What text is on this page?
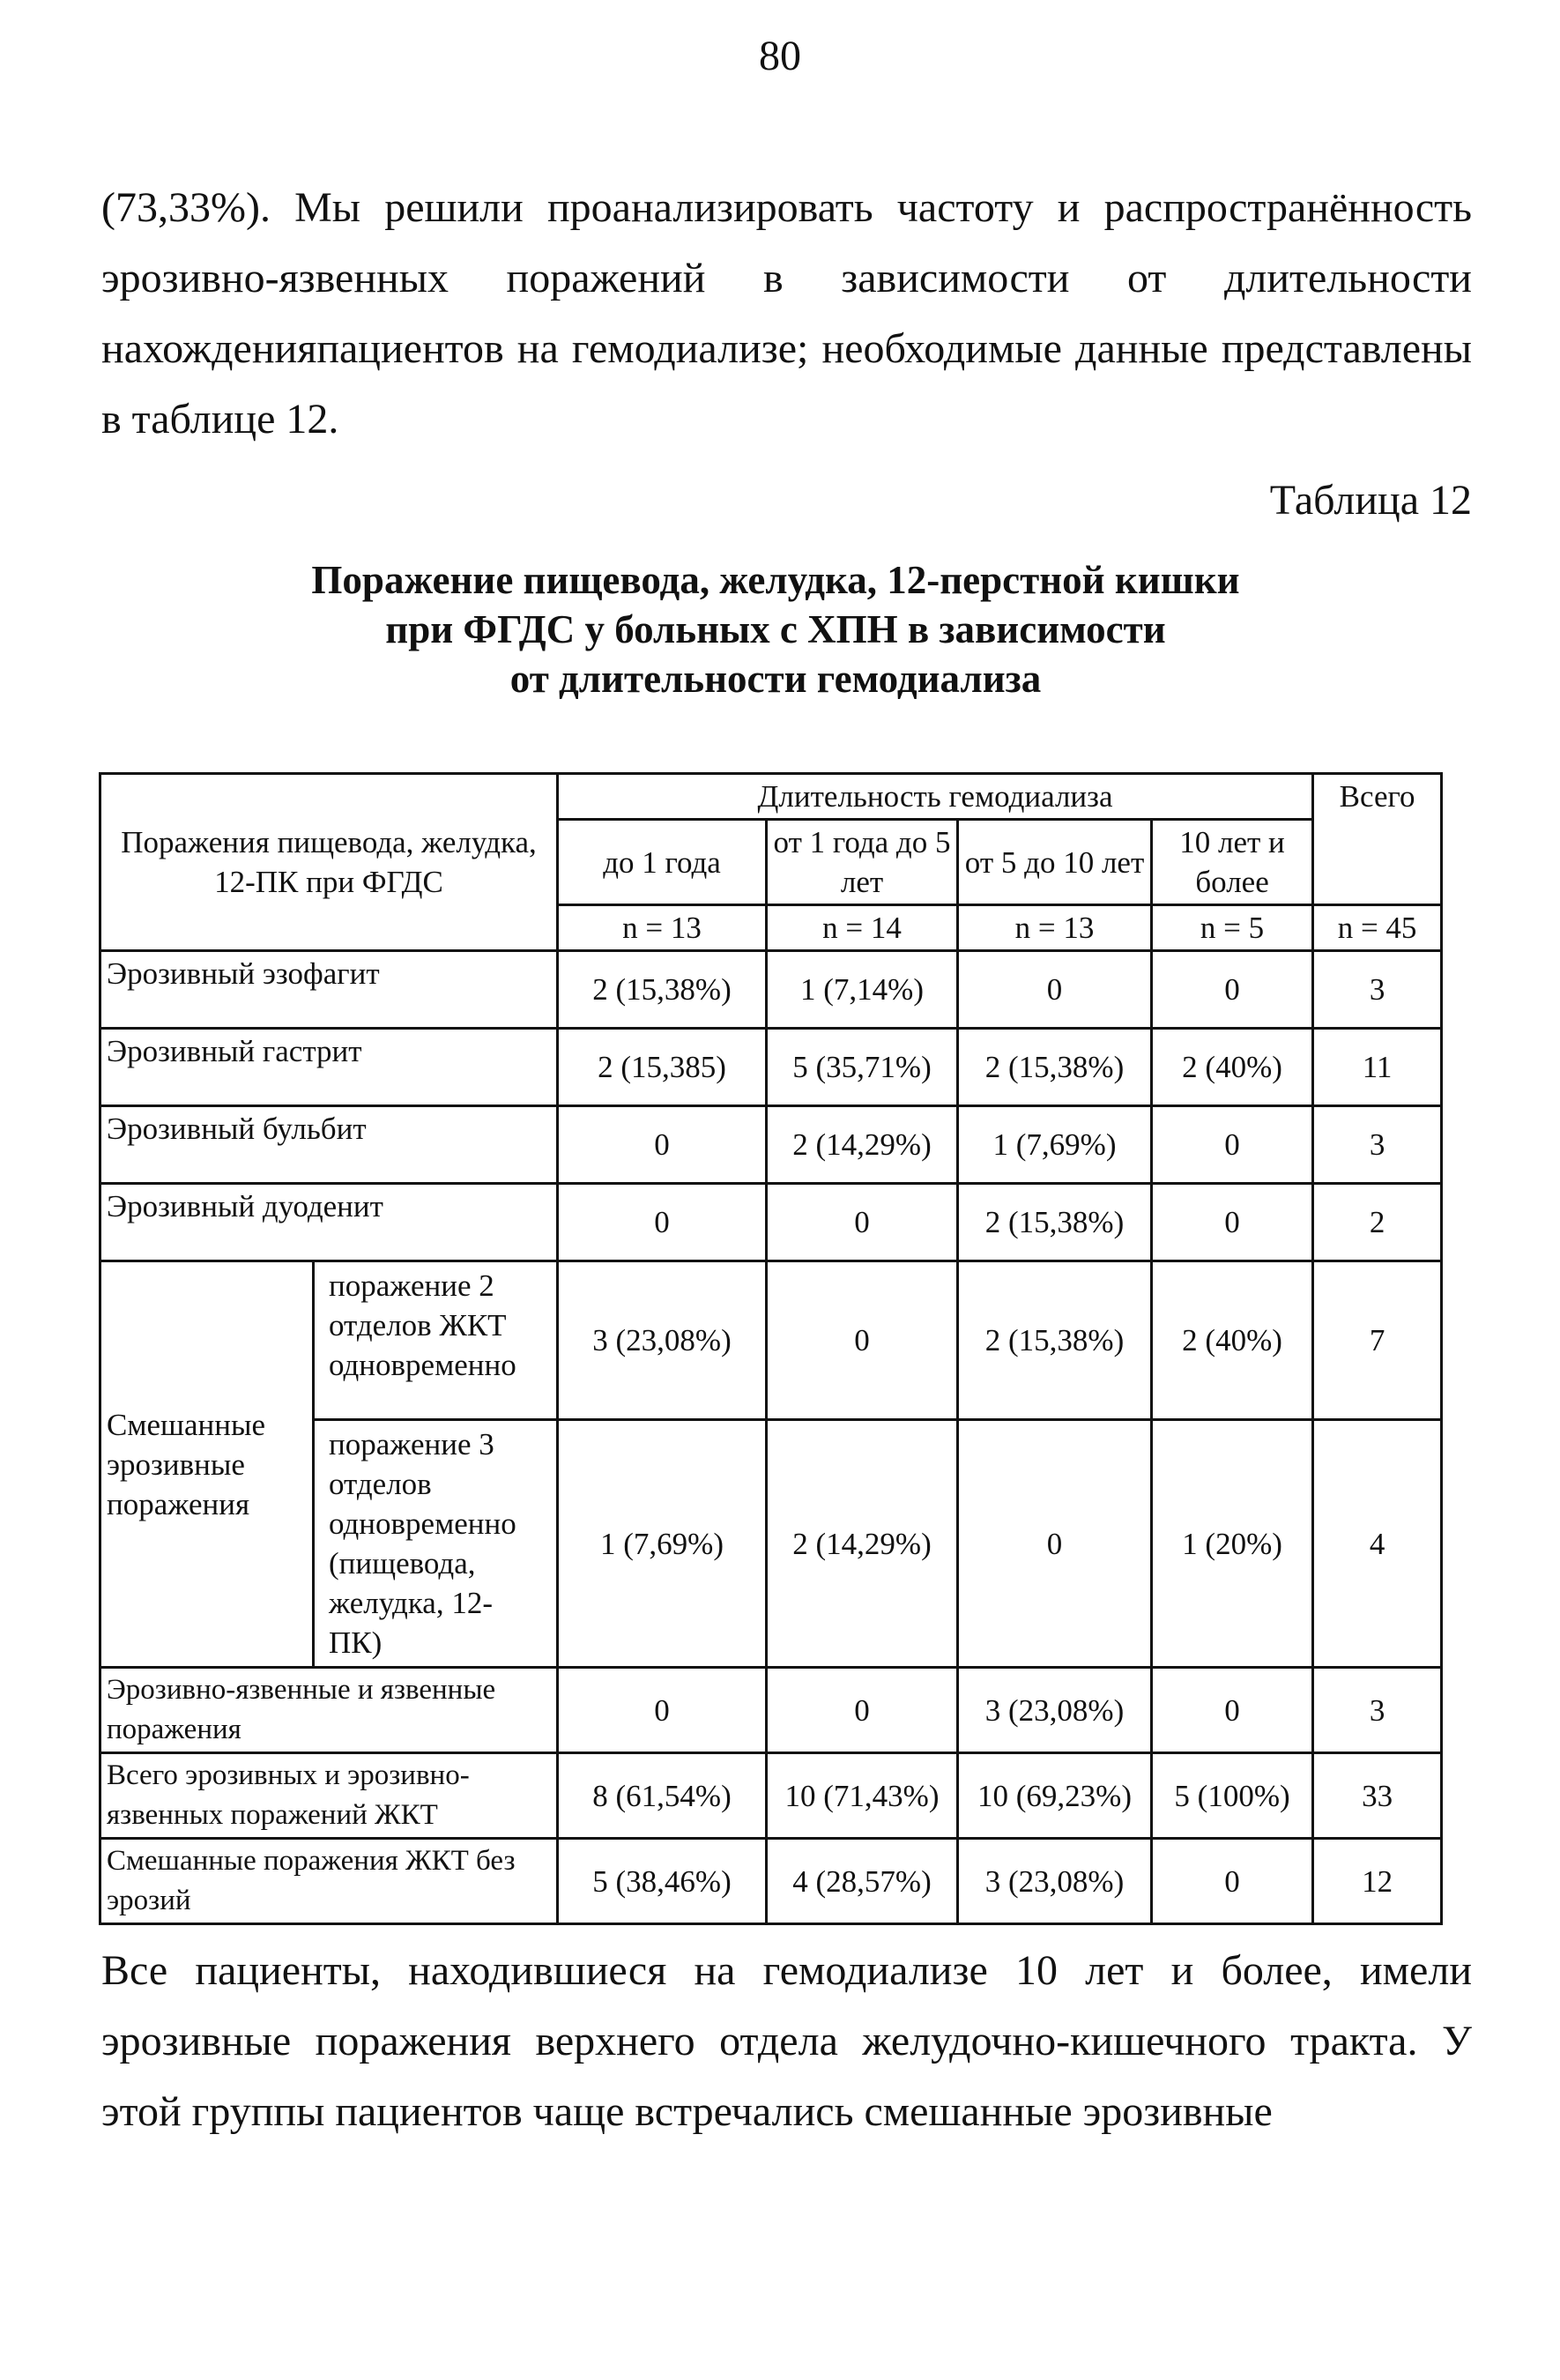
80

(73,33%). Мы решили проанализировать частоту и распространённость эрозивно-язвенных поражений в зависимости от длительности нахожденияпациентов на гемодиализе; необходимые данные представлены в таблице 12.

Таблица 12
Поражение пищевода, желудка, 12-перстной кишки
при ФГДС у больных с ХПН в зависимости
от длительности гемодиализа
Поражения пищевода, желудка, 12-ПК при ФГДС		Длительность гемодиализа				Всего
		до 1 года	от 1 года до 5 лет	от 5 до 10 лет	10 лет и более	
		n = 13	n = 14	n = 13	n = 5	n = 45
Эрозивный эзофагит		2 (15,38%)	1 (7,14%)	0	0	3
Эрозивный гастрит		2 (15,385)	5 (35,71%)	2 (15,38%)	2 (40%)	11
Эрозивный бульбит		0	2 (14,29%)	1 (7,69%)	0	3
Эрозивный дуоденит		0	0	2 (15,38%)	0	2
Смешанные эрозивные поражения	поражение 2 отделов ЖКТ одновременно	3 (23,08%)	0	2 (15,38%)	2 (40%)	7
	поражение 3 отделов одновременно (пищевода, желудка, 12-ПК)	1 (7,69%)	2 (14,29%)	0	1 (20%)	4
Эрозивно-язвенные и язвенные поражения		0	0	3 (23,08%)	0	3
Всего эрозивных и эрозивно-язвенных поражений ЖКТ		8 (61,54%)	10 (71,43%)	10 (69,23%)	5 (100%)	33
Смешанные поражения ЖКТ без эрозий		5 (38,46%)	4 (28,57%)	3 (23,08%)	0	12

Все пациенты, находившиеся на гемодиализе 10 лет и более, имели эрозивные поражения верхнего отдела желудочно-кишечного тракта. У этой группы пациентов чаще встречались смешанные эрозивные
